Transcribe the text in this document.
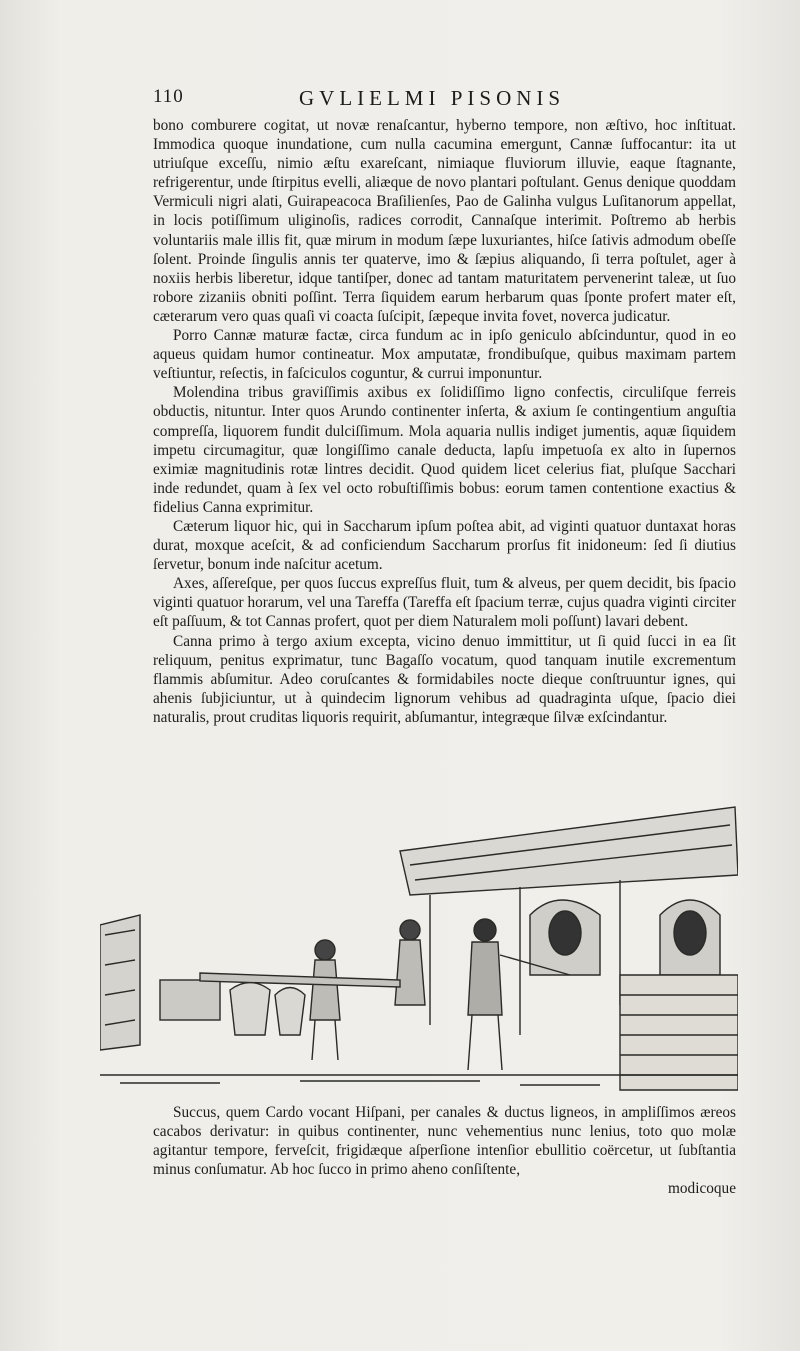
110	GVLIELMI PISONIS

bono comburere cogitat, ut novæ renaſcantur, hyberno tempore, non æſtivo, hoc inſtituat. Immodica quoque inundatione, cum nulla cacumina emergunt, Cannæ ſuffocantur: ita ut utriuſque exceſſu, nimio æſtu exareſcant, nimiaque fluviorum illuvie, eaque ſtagnante, refrigerentur, unde ſtirpitus evelli, aliæque de novo plantari poſtulant. Genus denique quoddam Vermiculi nigri alati, Guirapeacoca Braſilienſes, Pao de Galinha vulgus Luſitanorum appellat, in locis potiſſimum uliginoſis, radices corrodit, Cannaſque interimit. Poſtremo ab herbis voluntariis male illis fit, quæ mirum in modum ſæpe luxuriantes, hiſce ſativis admodum obeſſe ſolent. Proinde ſingulis annis ter quaterve, imo & ſæpius aliquando, ſi terra poſtulet, ager à noxiis herbis liberetur, idque tantiſper, donec ad tantam maturitatem pervenerint taleæ, ut ſuo robore zizaniis obniti poſſint. Terra ſiquidem earum herbarum quas ſponte profert mater eſt, cæterarum vero quas quaſi vi coacta ſuſcipit, ſæpeque invita fovet, noverca judicatur.

Porro Cannæ maturæ factæ, circa fundum ac in ipſo geniculo abſcinduntur, quod in eo aqueus quidam humor contineatur. Mox amputatæ, frondibuſque, quibus maximam partem veſtiuntur, reſectis, in faſciculos coguntur, & currui imponuntur.

Molendina tribus graviſſimis axibus ex ſolidiſſimo ligno confectis, circuliſque ferreis obductis, nituntur. Inter quos Arundo continenter inſerta, & axium ſe contingentium anguſtia compreſſa, liquorem fundit dulciſſimum. Mola aquaria nullis indiget jumentis, aquæ ſiquidem impetu circumagitur, quæ longiſſimo canale deducta, lapſu impetuoſa ex alto in ſupernos eximiæ magnitudinis rotæ lintres decidit. Quod quidem licet celerius fiat, pluſque Sacchari inde redundet, quam à ſex vel octo robuſtiſſimis bobus: eorum tamen contentione exactius & fidelius Canna exprimitur.

Cæterum liquor hic, qui in Saccharum ipſum poſtea abit, ad viginti quatuor duntaxat horas durat, moxque aceſcit, & ad conficiendum Saccharum prorſus fit inidoneum: ſed ſi diutius ſervetur, bonum inde naſcitur acetum.

Axes, aſſereſque, per quos ſuccus expreſſus fluit, tum & alveus, per quem decidit, bis ſpacio viginti quatuor horarum, vel una Tareffa (Tareffa eſt ſpacium terræ, cujus quadra viginti circiter eſt paſſuum, & tot Cannas profert, quot per diem Naturalem moli poſſunt) lavari debent.

Canna primo à tergo axium excepta, vicino denuo immittitur, ut ſi quid ſucci in ea ſit reliquum, penitus exprimatur, tunc Bagaſſo vocatum, quod tanquam inutile excrementum flammis abſumitur. Adeo coruſcantes & formidabiles nocte dieque conſtruuntur ignes, qui ahenis ſubjiciuntur, ut à quindecim lignorum vehibus ad quadraginta uſque, ſpacio diei naturalis, prout cruditas liquoris requirit, abſumantur, integræque ſilvæ exſcindantur.

Succus, quem Cardo vocant Hiſpani, per canales & ductus ligneos, in ampliſſimos æreos cacabos derivatur: in quibus continenter, nunc vehementius nunc lenius, toto quo molæ agitantur tempore, ferveſcit, frigidæque aſperſione intenſior ebullitio coërcetur, ut ſubſtantia minus conſumatur. Ab hoc ſucco in primo aheno conſiſtente,

modicoque
